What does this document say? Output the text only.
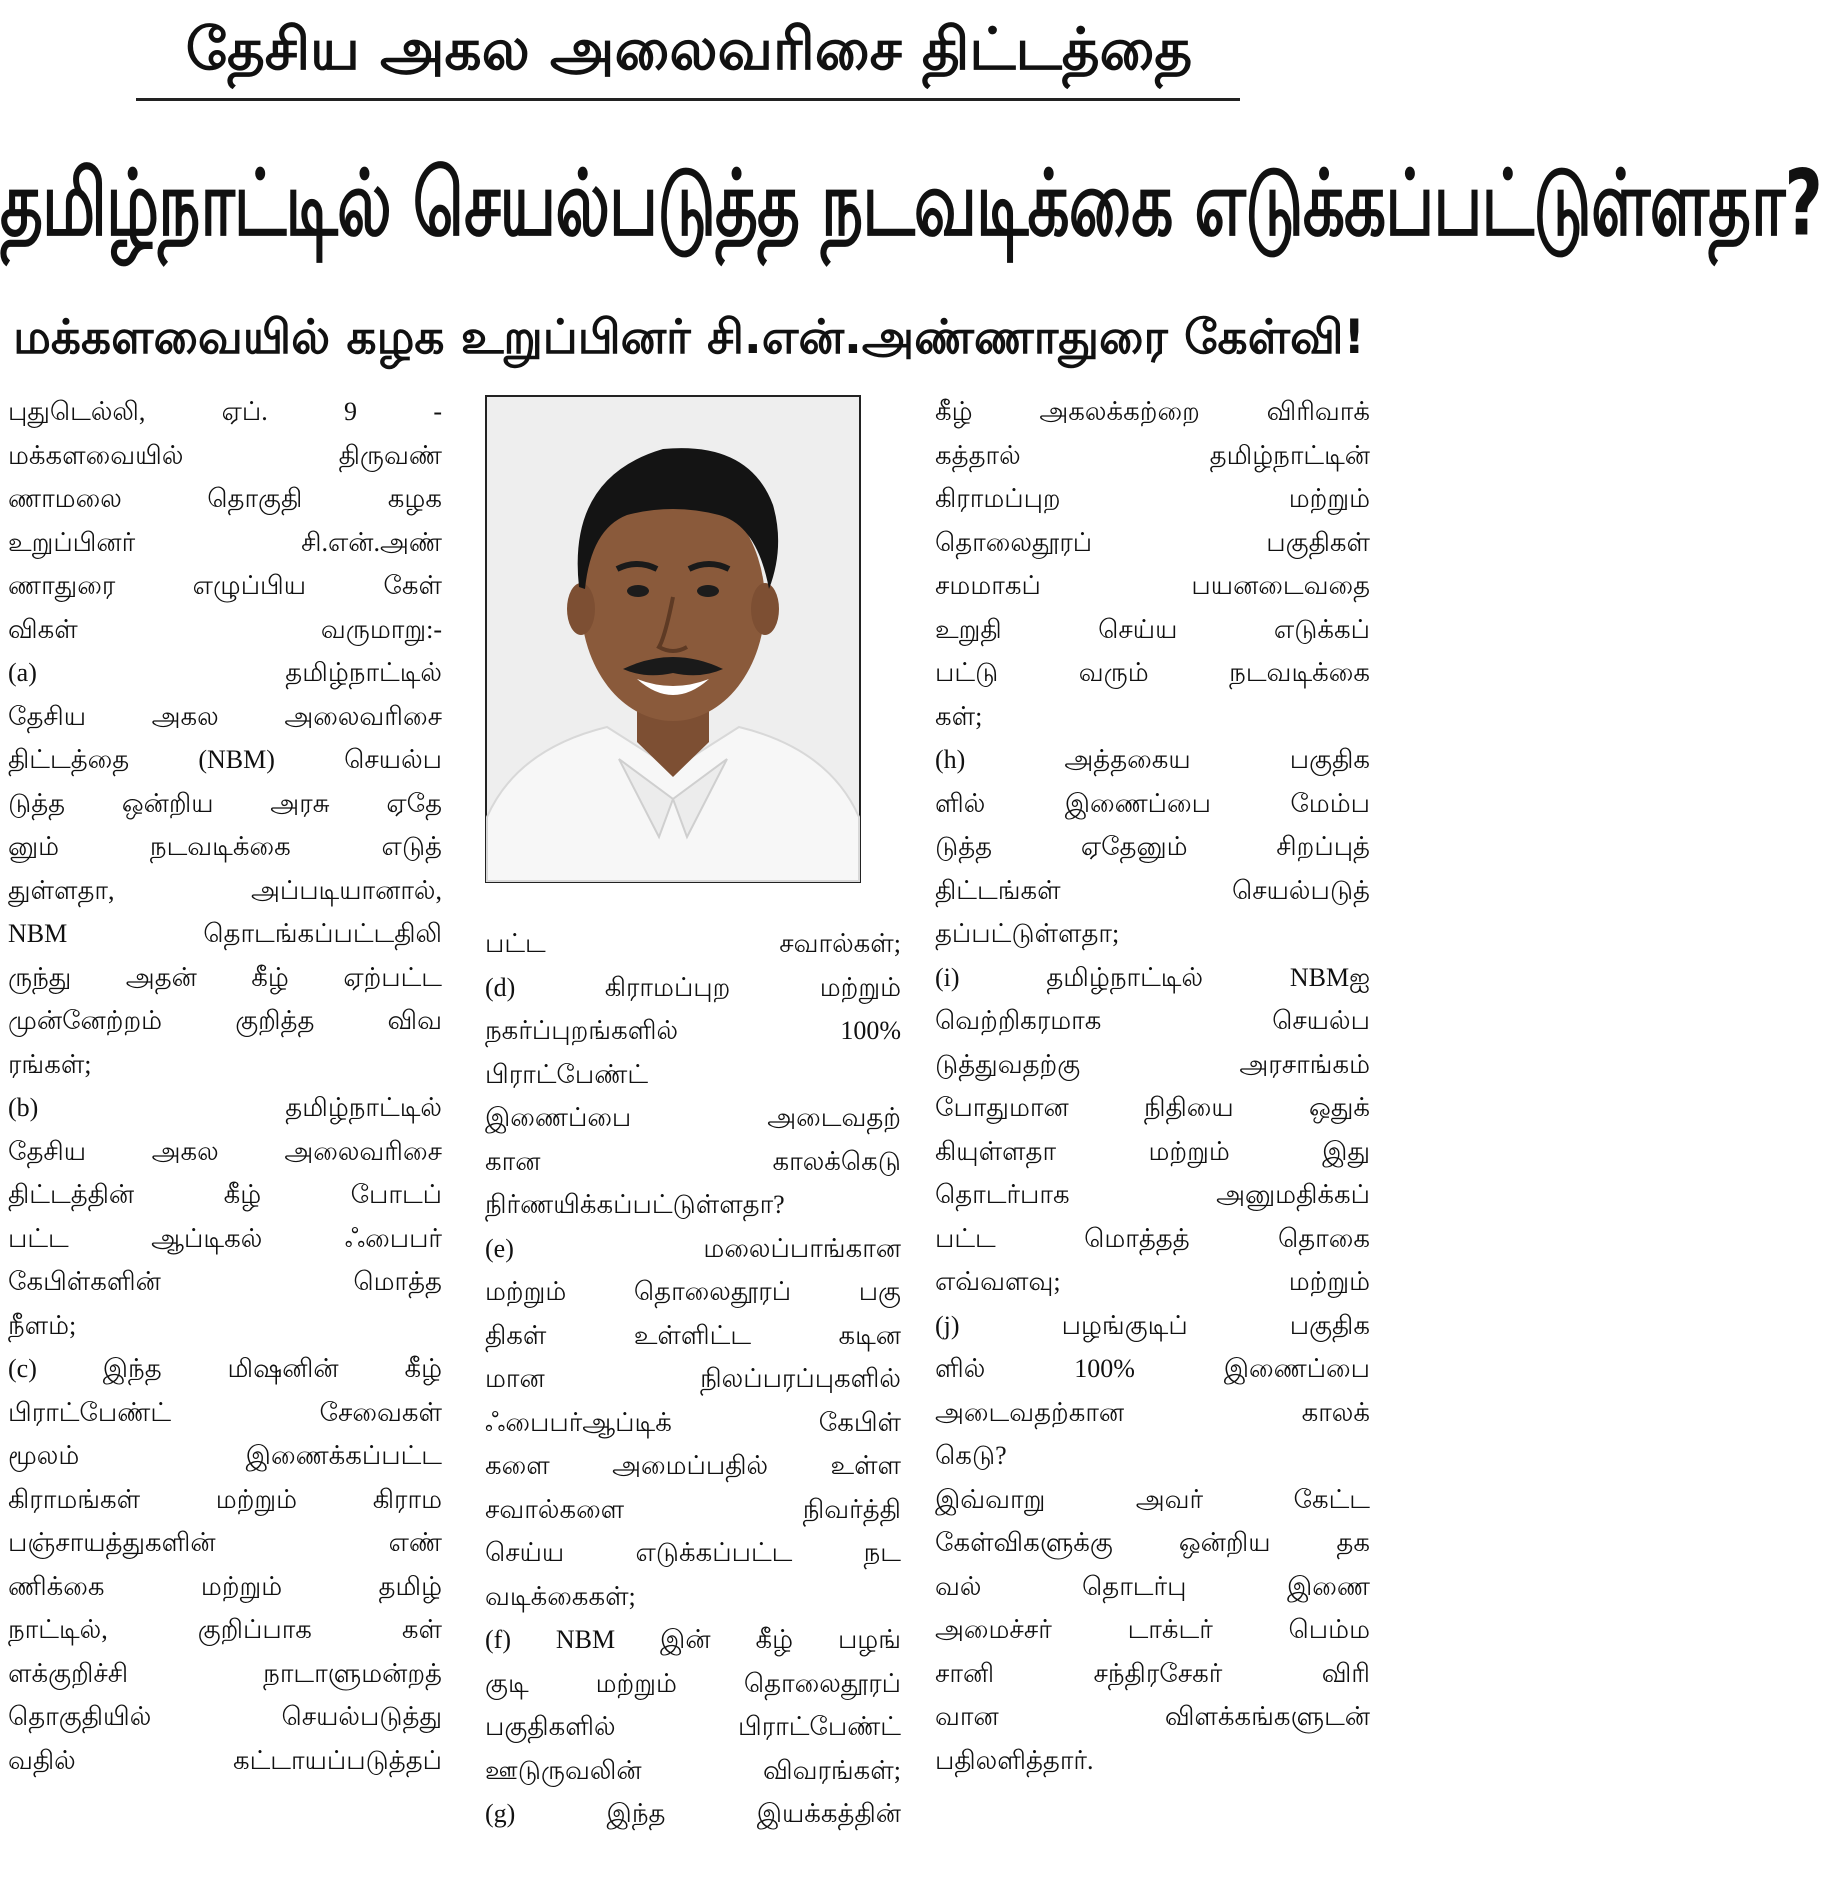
தேசிய அகல அலைவரிசை திட்டத்தை
தமிழ்நாட்டில் செயல்படுத்த நடவடிக்கை எடுக்கப்பட்டுள்ளதா?
மக்களவையில் கழக உறுப்பினர் சி.என்.அண்ணாதுரை கேள்வி!

புதுடெல்லி, ஏப். 9 -

மக்களவையில் திருவண்

ணாமலை தொகுதி கழக

உறுப்பினர் சி.என்.அண்

ணாதுரை எழுப்பிய கேள்

விகள் வருமாறு:-

(a) தமிழ்நாட்டில்

தேசிய அகல அலைவரிசை

திட்டத்தை (NBM) செயல்ப

டுத்த ஒன்றிய அரசு ஏதே

னும் நடவடிக்கை எடுத்

துள்ளதா, அப்படியானால்,

NBM தொடங்கப்பட்டதிலி

ருந்து அதன் கீழ் ஏற்பட்ட

முன்னேற்றம் குறித்த விவ

ரங்கள்;

(b) தமிழ்நாட்டில்

தேசிய அகல அலைவரிசை

திட்டத்தின் கீழ் போடப்

பட்ட ஆப்டிகல் ஃபைபர்

கேபிள்களின் மொத்த

நீளம்;

(c) இந்த மிஷனின் கீழ்

பிராட்பேண்ட் சேவைகள்

மூலம் இணைக்கப்பட்ட

கிராமங்கள் மற்றும் கிராம

பஞ்சாயத்துகளின் எண்

ணிக்கை மற்றும் தமிழ்

நாட்டில், குறிப்பாக கள்

ளக்குறிச்சி நாடாளுமன்றத்

தொகுதியில் செயல்படுத்து

வதில் கட்டாயப்படுத்தப்

பட்ட சவால்கள்;

(d) கிராமப்புற மற்றும்

நகர்ப்புறங்களில் 100%

பிராட்பேண்ட்

இணைப்பை அடைவதற்

கான காலக்கெடு

நிர்ணயிக்கப்பட்டுள்ளதா?

(e) மலைப்பாங்கான

மற்றும் தொலைதூரப் பகு

திகள் உள்ளிட்ட கடின

மான நிலப்பரப்புகளில்

ஃபைபர்ஆப்டிக் கேபிள்

களை அமைப்பதில் உள்ள

சவால்களை நிவர்த்தி

செய்ய எடுக்கப்பட்ட நட

வடிக்கைகள்;

(f) NBM இன் கீழ் பழங்

குடி மற்றும் தொலைதூரப்

பகுதிகளில் பிராட்பேண்ட்

ஊடுருவலின் விவரங்கள்;

(g) இந்த இயக்கத்தின்

கீழ் அகலக்கற்றை விரிவாக்

கத்தால் தமிழ்நாட்டின்

கிராமப்புற மற்றும்

தொலைதூரப் பகுதிகள்

சமமாகப் பயனடைவதை

உறுதி செய்ய எடுக்கப்

பட்டு வரும் நடவடிக்கை

கள்;

(h) அத்தகைய பகுதிக

ளில் இணைப்பை மேம்ப

டுத்த ஏதேனும் சிறப்புத்

திட்டங்கள் செயல்படுத்

தப்பட்டுள்ளதா;

(i) தமிழ்நாட்டில் NBMஐ

வெற்றிகரமாக செயல்ப

டுத்துவதற்கு அரசாங்கம்

போதுமான நிதியை ஒதுக்

கியுள்ளதா மற்றும் இது

தொடர்பாக அனுமதிக்கப்

பட்ட மொத்தத் தொகை

எவ்வளவு; மற்றும்

(j) பழங்குடிப் பகுதிக

ளில் 100% இணைப்பை

அடைவதற்கான காலக்

கெடு?

இவ்வாறு அவர் கேட்ட

கேள்விகளுக்கு ஒன்றிய தக

வல் தொடர்பு இணை

அமைச்சர் டாக்டர் பெம்ம

சானி சந்திரசேகர் விரி

வான விளக்கங்களுடன்

பதிலளித்தார்.
